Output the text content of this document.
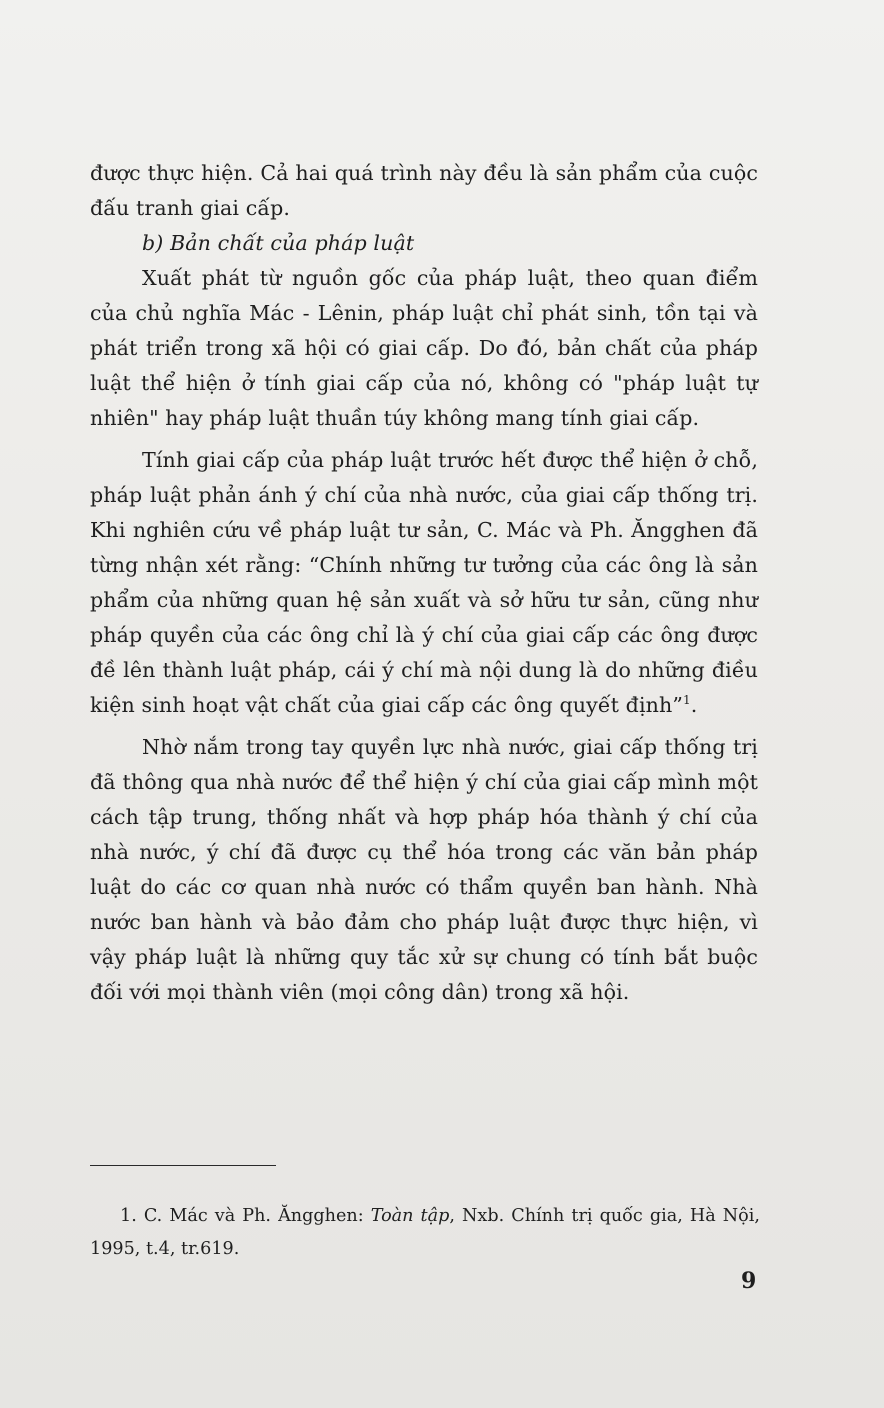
được thực hiện. Cả hai quá trình này đều là sản phẩm của cuộc đấu tranh giai cấp.

b) Bản chất của pháp luật

Xuất phát từ nguồn gốc của pháp luật, theo quan điểm của chủ nghĩa Mác - Lênin, pháp luật chỉ phát sinh, tồn tại và phát triển trong xã hội có giai cấp. Do đó, bản chất của pháp luật thể hiện ở tính giai cấp của nó, không có "pháp luật tự nhiên" hay pháp luật thuần túy không mang tính giai cấp.

Tính giai cấp của pháp luật trước hết được thể hiện ở chỗ, pháp luật phản ánh ý chí của nhà nước, của giai cấp thống trị. Khi nghiên cứu về pháp luật tư sản, C. Mác và Ph. Ăngghen đã từng nhận xét rằng: “Chính những tư tưởng của các ông là sản phẩm của những quan hệ sản xuất và sở hữu tư sản, cũng như pháp quyền của các ông chỉ là ý chí của giai cấp các ông được đề lên thành luật pháp, cái ý chí mà nội dung là do những điều kiện sinh hoạt vật chất của giai cấp các ông quyết định”$^1$.

Nhờ nắm trong tay quyền lực nhà nước, giai cấp thống trị đã thông qua nhà nước để thể hiện ý chí của giai cấp mình một cách tập trung, thống nhất và hợp pháp hóa thành ý chí của nhà nước, ý chí đã được cụ thể hóa trong các văn bản pháp luật do các cơ quan nhà nước có thẩm quyền ban hành. Nhà nước ban hành và bảo đảm cho pháp luật được thực hiện, vì vậy pháp luật là những quy tắc xử sự chung có tính bắt buộc đối với mọi thành viên (mọi công dân) trong xã hội.

1. C. Mác và Ph. Ăngghen: Toàn tập, Nxb. Chính trị quốc gia, Hà Nội, 1995, t.4, tr.619.

9
